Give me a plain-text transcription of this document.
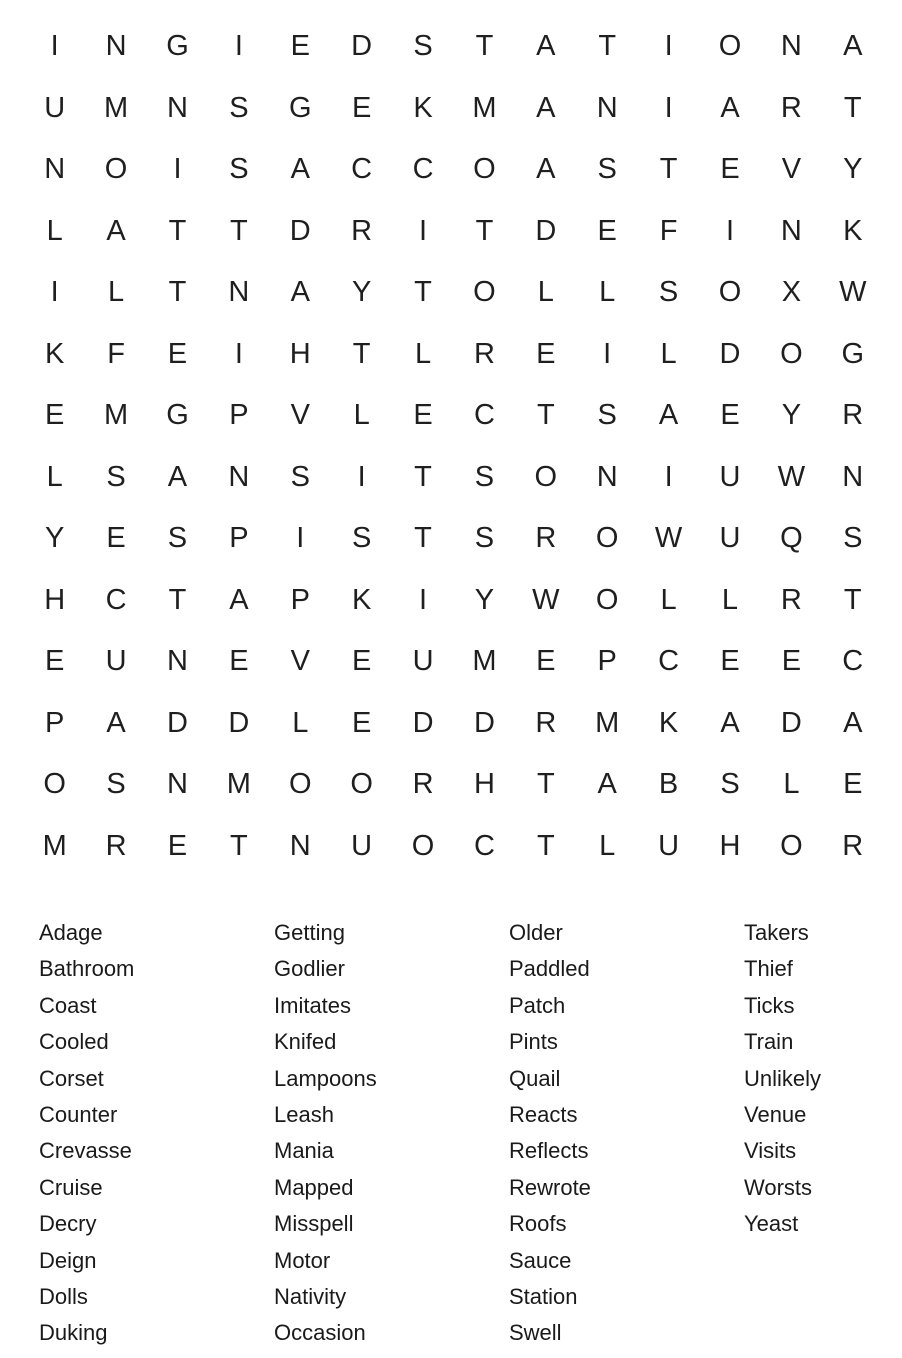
I	N	G	I	E	D	S	T	A	T	I	O	N	A
U	M	N	S	G	E	K	M	A	N	I	A	R	T
N	O	I	S	A	C	C	O	A	S	T	E	V	Y
L	A	T	T	D	R	I	T	D	E	F	I	N	K
I	L	T	N	A	Y	T	O	L	L	S	O	X	W
K	F	E	I	H	T	L	R	E	I	L	D	O	G
E	M	G	P	V	L	E	C	T	S	A	E	Y	R
L	S	A	N	S	I	T	S	O	N	I	U	W	N
Y	E	S	P	I	S	T	S	R	O	W	U	Q	S
H	C	T	A	P	K	I	Y	W	O	L	L	R	T
E	U	N	E	V	E	U	M	E	P	C	E	E	C
P	A	D	D	L	E	D	D	R	M	K	A	D	A
O	S	N	M	O	O	R	H	T	A	B	S	L	E
M	R	E	T	N	U	O	C	T	L	U	H	O	R
Adage
Bathroom
Coast
Cooled
Corset
Counter
Crevasse
Cruise
Decry
Deign
Dolls
Duking
Getting
Godlier
Imitates
Knifed
Lampoons
Leash
Mania
Mapped
Misspell
Motor
Nativity
Occasion
Older
Paddled
Patch
Pints
Quail
Reacts
Reflects
Rewrote
Roofs
Sauce
Station
Swell
Takers
Thief
Ticks
Train
Unlikely
Venue
Visits
Worsts
Yeast
